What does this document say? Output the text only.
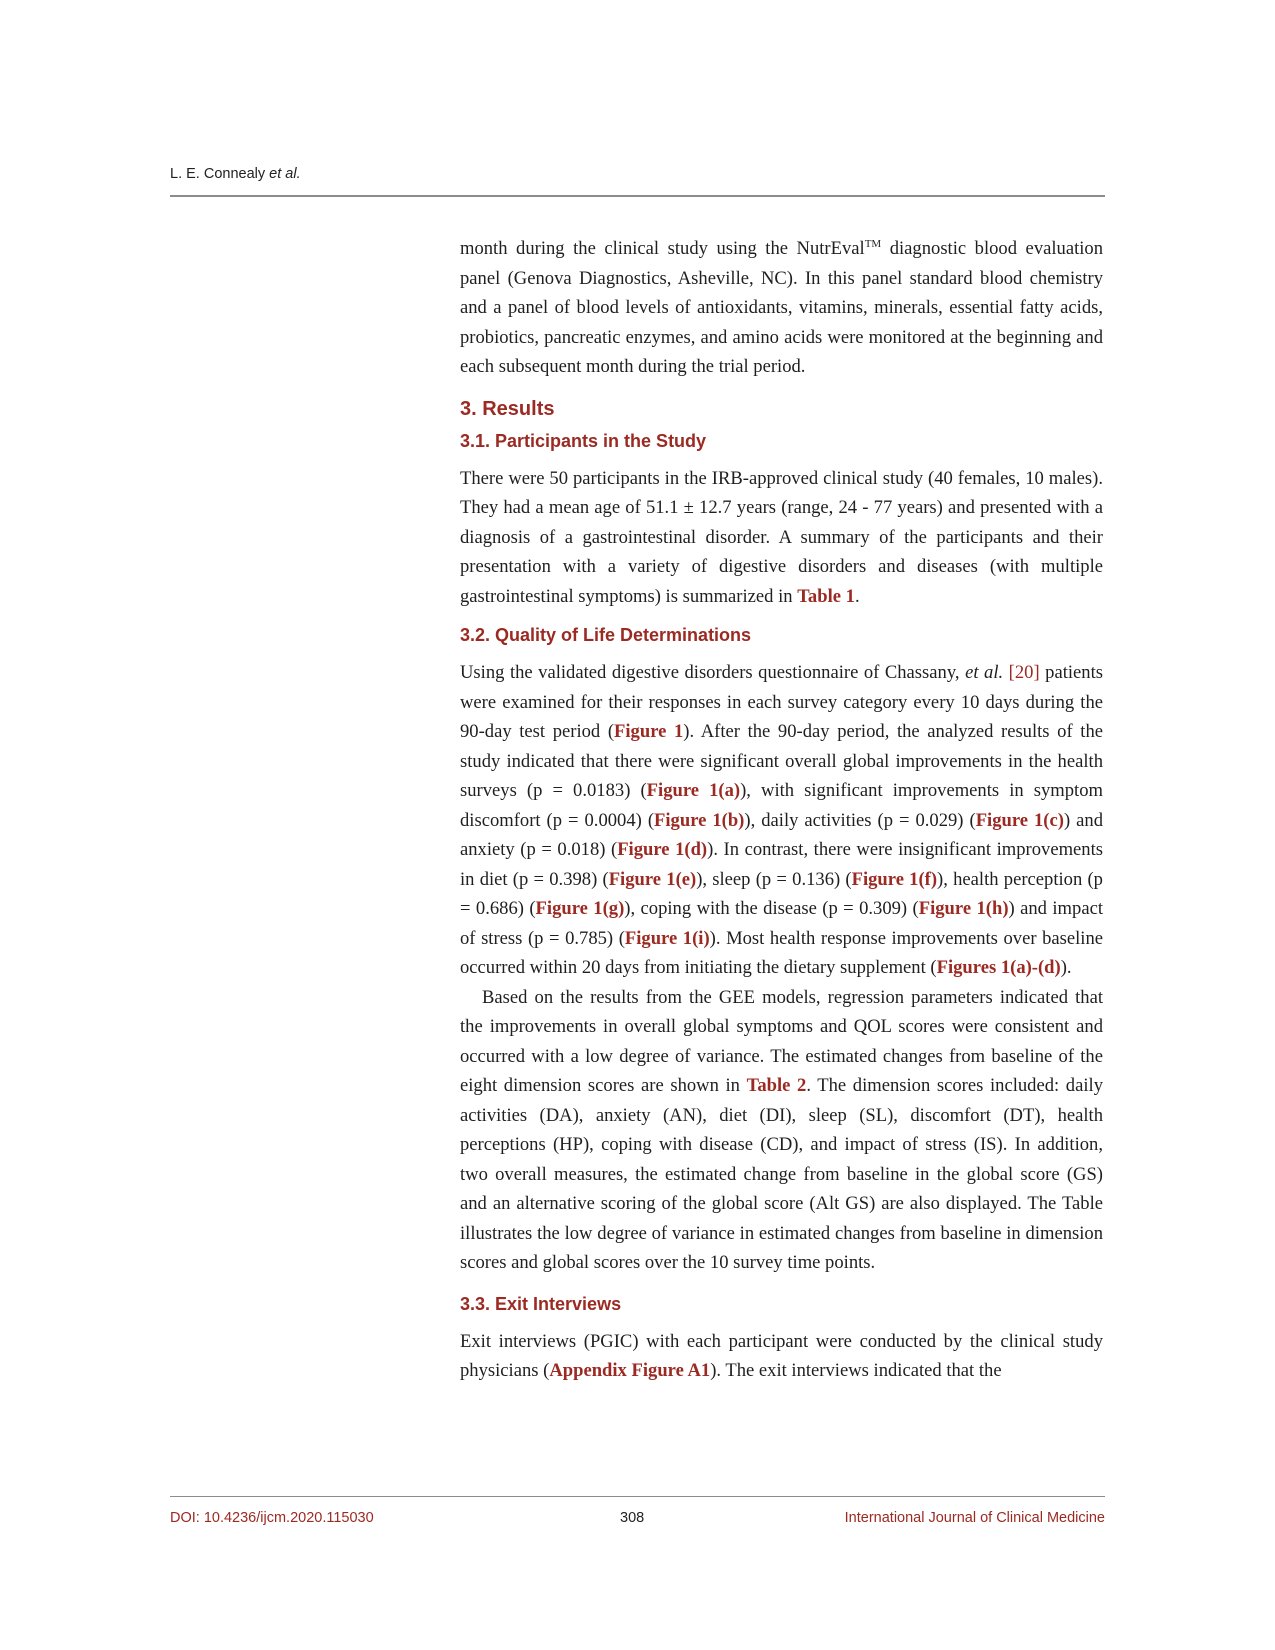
L. E. Connealy et al.

month during the clinical study using the NutrEval™ diagnostic blood evaluation panel (Genova Diagnostics, Asheville, NC). In this panel standard blood chemistry and a panel of blood levels of antioxidants, vitamins, minerals, essential fatty acids, probiotics, pancreatic enzymes, and amino acids were monitored at the beginning and each subsequent month during the trial period.

3. Results
3.1. Participants in the Study

There were 50 participants in the IRB-approved clinical study (40 females, 10 males). They had a mean age of 51.1 ± 12.7 years (range, 24 - 77 years) and presented with a diagnosis of a gastrointestinal disorder. A summary of the participants and their presentation with a variety of digestive disorders and diseases (with multiple gastrointestinal symptoms) is summarized in Table 1.

3.2. Quality of Life Determinations

Using the validated digestive disorders questionnaire of Chassany, et al. [20] patients were examined for their responses in each survey category every 10 days during the 90-day test period (Figure 1). After the 90-day period, the analyzed results of the study indicated that there were significant overall global improvements in the health surveys (p = 0.0183) (Figure 1(a)), with significant improvements in symptom discomfort (p = 0.0004) (Figure 1(b)), daily activities (p = 0.029) (Figure 1(c)) and anxiety (p = 0.018) (Figure 1(d)). In contrast, there were insignificant improvements in diet (p = 0.398) (Figure 1(e)), sleep (p = 0.136) (Figure 1(f)), health perception (p = 0.686) (Figure 1(g)), coping with the disease (p = 0.309) (Figure 1(h)) and impact of stress (p = 0.785) (Figure 1(i)). Most health response improvements over baseline occurred within 20 days from initiating the dietary supplement (Figures 1(a)-(d)).

Based on the results from the GEE models, regression parameters indicated that the improvements in overall global symptoms and QOL scores were consistent and occurred with a low degree of variance. The estimated changes from baseline of the eight dimension scores are shown in Table 2. The dimension scores included: daily activities (DA), anxiety (AN), diet (DI), sleep (SL), discomfort (DT), health perceptions (HP), coping with disease (CD), and impact of stress (IS). In addition, two overall measures, the estimated change from baseline in the global score (GS) and an alternative scoring of the global score (Alt GS) are also displayed. The Table illustrates the low degree of variance in estimated changes from baseline in dimension scores and global scores over the 10 survey time points.

3.3. Exit Interviews

Exit interviews (PGIC) with each participant were conducted by the clinical study physicians (Appendix Figure A1). The exit interviews indicated that the

DOI: 10.4236/ijcm.2020.115030	308	International Journal of Clinical Medicine
